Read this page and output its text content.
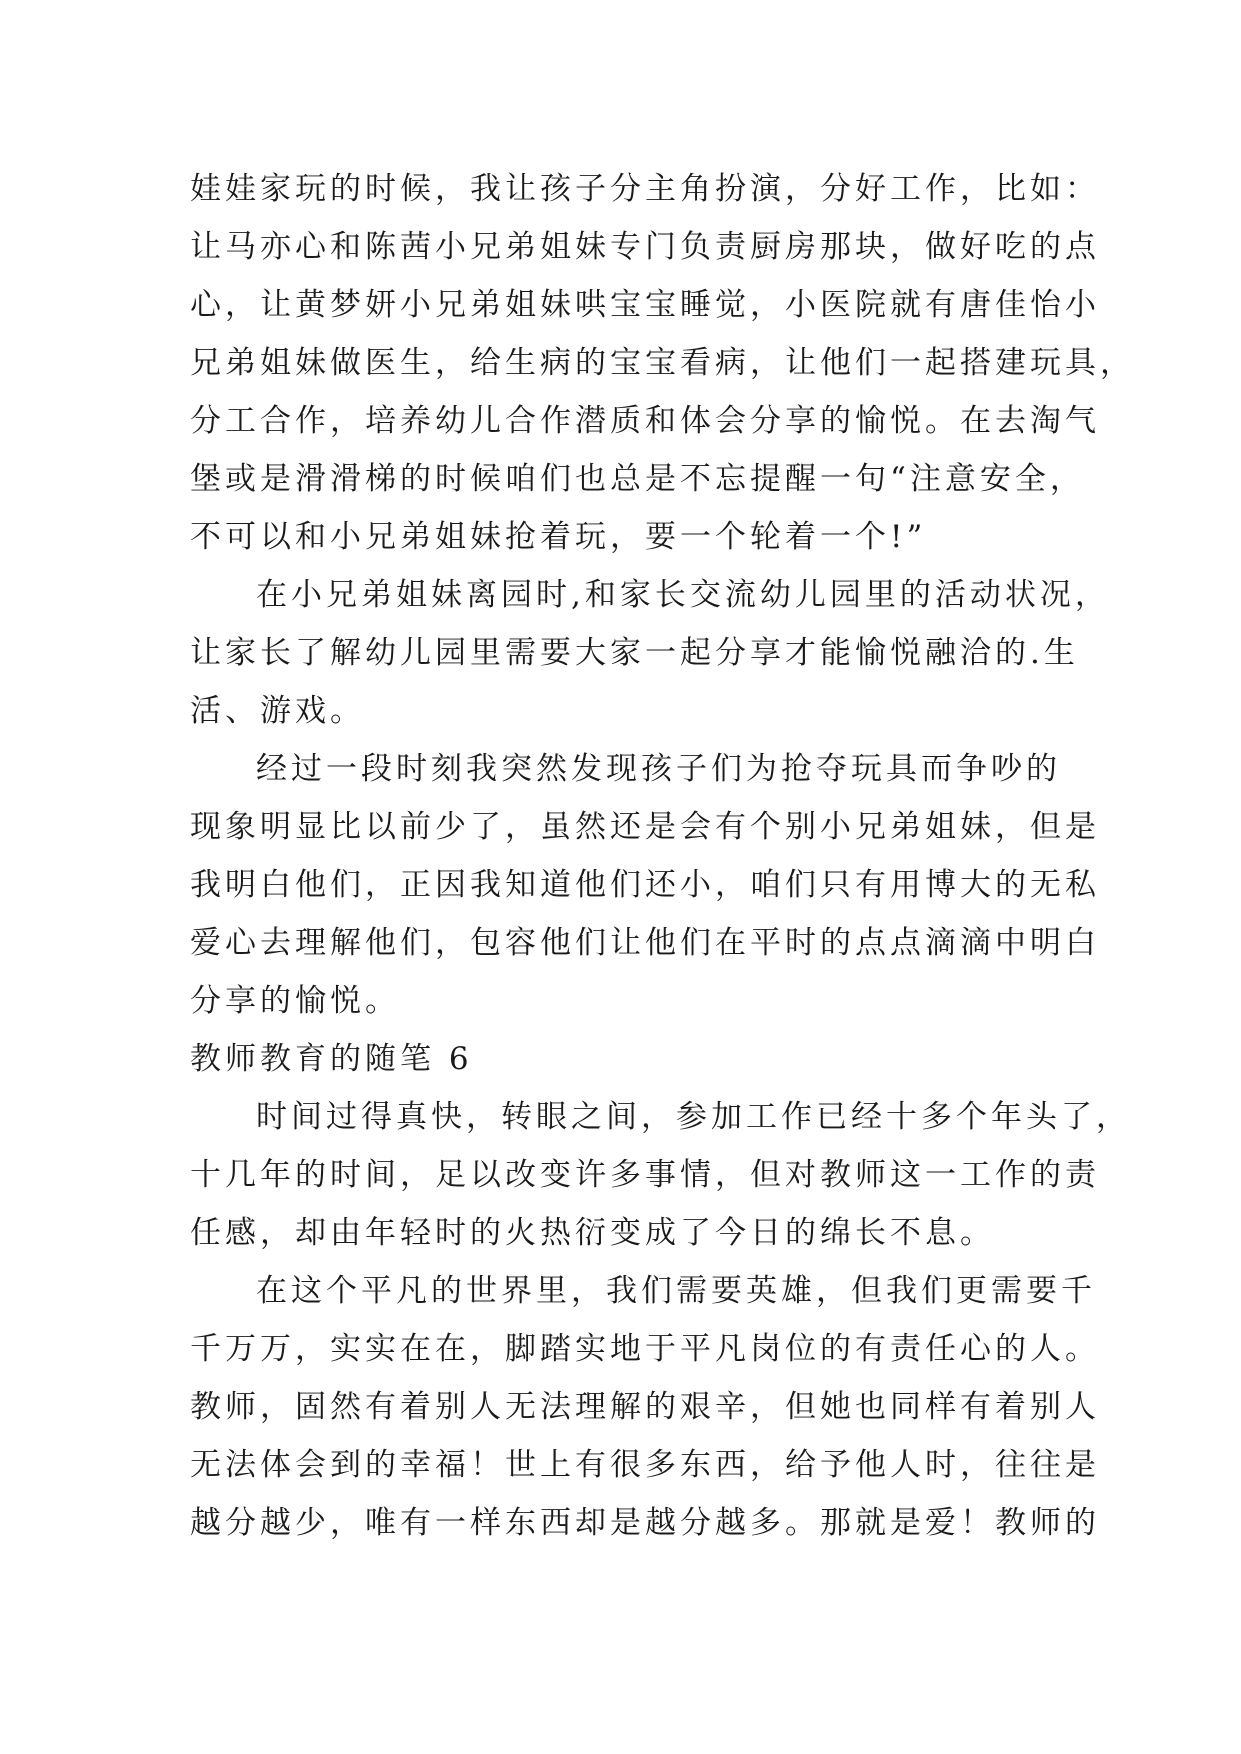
娃娃家玩的时候，我让孩子分主角扮演，分好工作，比如：
让马亦心和陈茜小兄弟姐妹专门负责厨房那块，做好吃的点
心，让黄梦妍小兄弟姐妹哄宝宝睡觉，小医院就有唐佳怡小
兄弟姐妹做医生，给生病的宝宝看病，让他们一起搭建玩具，
分工合作，培养幼儿合作潜质和体会分享的愉悦。在去淘气
堡或是滑滑梯的时候咱们也总是不忘提醒一句“注意安全，
不可以和小兄弟姐妹抢着玩，要一个轮着一个!”
在小兄弟姐妹离园时,和家长交流幼儿园里的活动状况，
让家长了解幼儿园里需要大家一起分享才能愉悦融洽的.生
活、游戏。
经过一段时刻我突然发现孩子们为抢夺玩具而争吵的
现象明显比以前少了，虽然还是会有个别小兄弟姐妹，但是
我明白他们，正因我知道他们还小，咱们只有用博大的无私
爱心去理解他们，包容他们让他们在平时的点点滴滴中明白
分享的愉悦。
教师教育的随笔 6
时间过得真快，转眼之间，参加工作已经十多个年头了，
十几年的时间，足以改变许多事情，但对教师这一工作的责
任感，却由年轻时的火热衍变成了今日的绵长不息。
在这个平凡的世界里，我们需要英雄，但我们更需要千
千万万，实实在在，脚踏实地于平凡岗位的有责任心的人。
教师，固然有着别人无法理解的艰辛，但她也同样有着别人
无法体会到的幸福！世上有很多东西，给予他人时，往往是
越分越少，唯有一样东西却是越分越多。那就是爱！教师的
